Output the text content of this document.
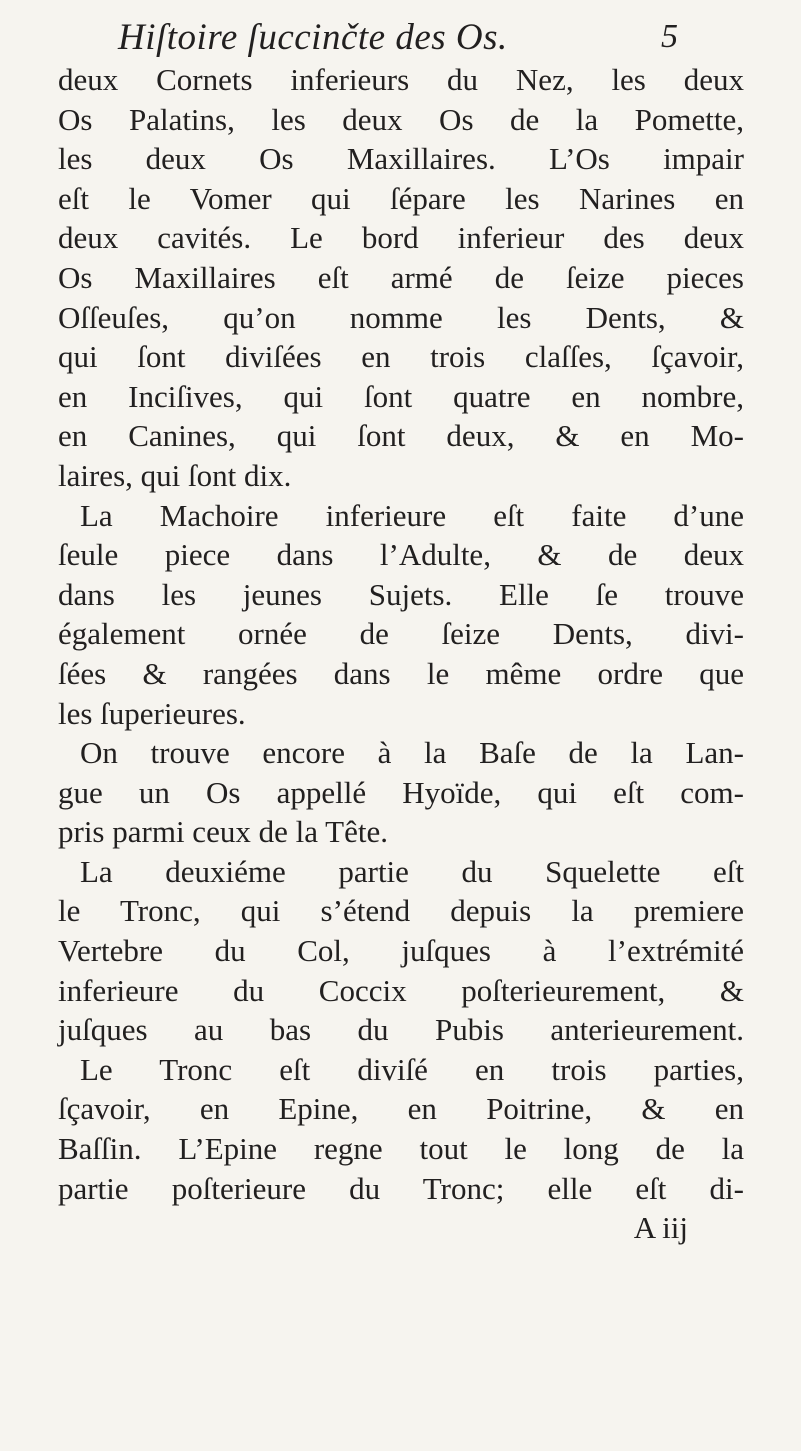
Hiſtoire ſuccinčte des Os.	5
deux Cornets inferieurs du Nez, les deux
Os Palatins, les deux Os de la Pomette,
les deux Os Maxillaires. L’Os impair
eſt le Vomer qui ſépare les Narines en
deux cavités. Le bord inferieur des deux
Os Maxillaires eſt armé de ſeize pieces
Oſſeuſes, qu’on nomme les Dents, &
qui ſont diviſées en trois claſſes, ſçavoir,
en Inciſives, qui ſont quatre en nombre,
en Canines, qui ſont deux, & en Mo-
laires, qui ſont dix.
La Machoire inferieure eſt faite d’une
ſeule piece dans l’Adulte, & de deux
dans les jeunes Sujets. Elle ſe trouve
également ornée de ſeize Dents, divi-
ſées & rangées dans le même ordre que
les ſuperieures.
On trouve encore à la Baſe de la Lan-
gue un Os appellé Hyoïde, qui eſt com-
pris parmi ceux de la Tête.
La deuxiéme partie du Squelette eſt
le Tronc, qui s’étend depuis la premiere
Vertebre du Col, juſques à l’extrémité
inferieure du Coccix poſterieurement, &
juſques au bas du Pubis anterieurement.
Le Tronc eſt diviſé en trois parties,
ſçavoir, en Epine, en Poitrine, & en
Baſſin. L’Epine regne tout le long de la
partie poſterieure du Tronc; elle eſt di-
A iij
